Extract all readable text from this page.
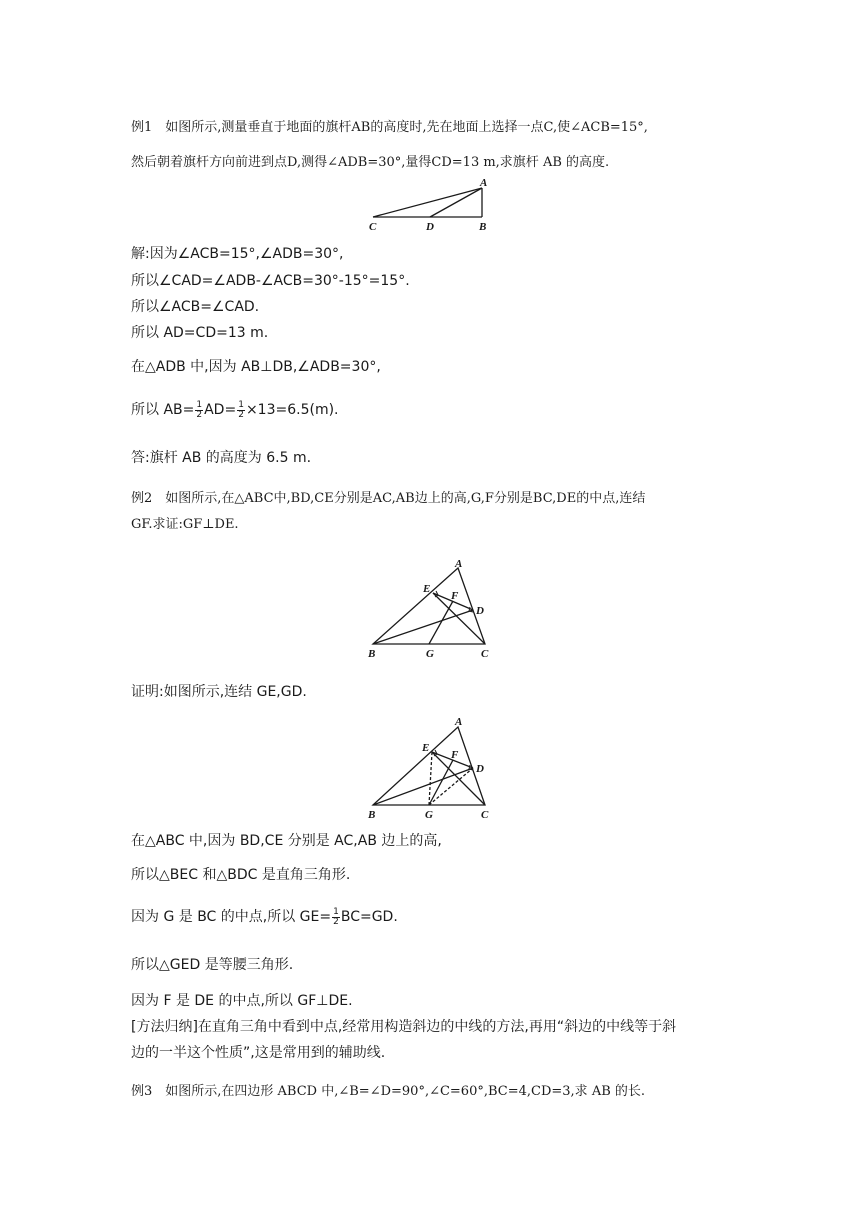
例1　如图所示,测量垂直于地面的旗杆AB的高度时,先在地面上选择一点C,使∠ACB=15°,
然后朝着旗杆方向前进到点D,测得∠ADB=30°,量得CD=13 m,求旗杆 AB 的高度.
A
C	D	B
解:因为∠ACB=15°,∠ADB=30°,
所以∠CAD=∠ADB-∠ACB=30°-15°=15°.
所以∠ACB=∠CAD.
所以 AD=CD=13 m.
在△ADB 中,因为 AB⊥DB,∠ADB=30°,
所以 $AB= \frac{1}{2} AD= \frac{1}{2} \times 13=6.5(m)$.
答:旗杆 AB 的高度为 6.5 m.
例2　如图所示,在△ABC中,BD,CE分别是AC,AB边上的高,G,F分别是BC,DE的中点,连结
GF.求证:GF⊥DE.
A
E
F
D
B	G	C
证明:如图所示,连结 GE,GD.
A
E
F
D
B	G	C
在△ABC 中,因为 BD,CE 分别是 AC,AB 边上的高,
所以△BEC 和△BDC 是直角三角形.
因为 G 是 BC 的中点,所以 $GE= \frac{1}{2} BC=GD$.
所以△GED 是等腰三角形.
因为 F 是 DE 的中点,所以 GF⊥DE.
[方法归纳]在直角三角中看到中点,经常用构造斜边的中线的方法,再用“斜边的中线等于斜
边的一半这个性质”,这是常用到的辅助线.
例3　如图所示,在四边形 ABCD 中,∠B=∠D=90°,∠C=60°,BC=4,CD=3,求 AB 的长.
